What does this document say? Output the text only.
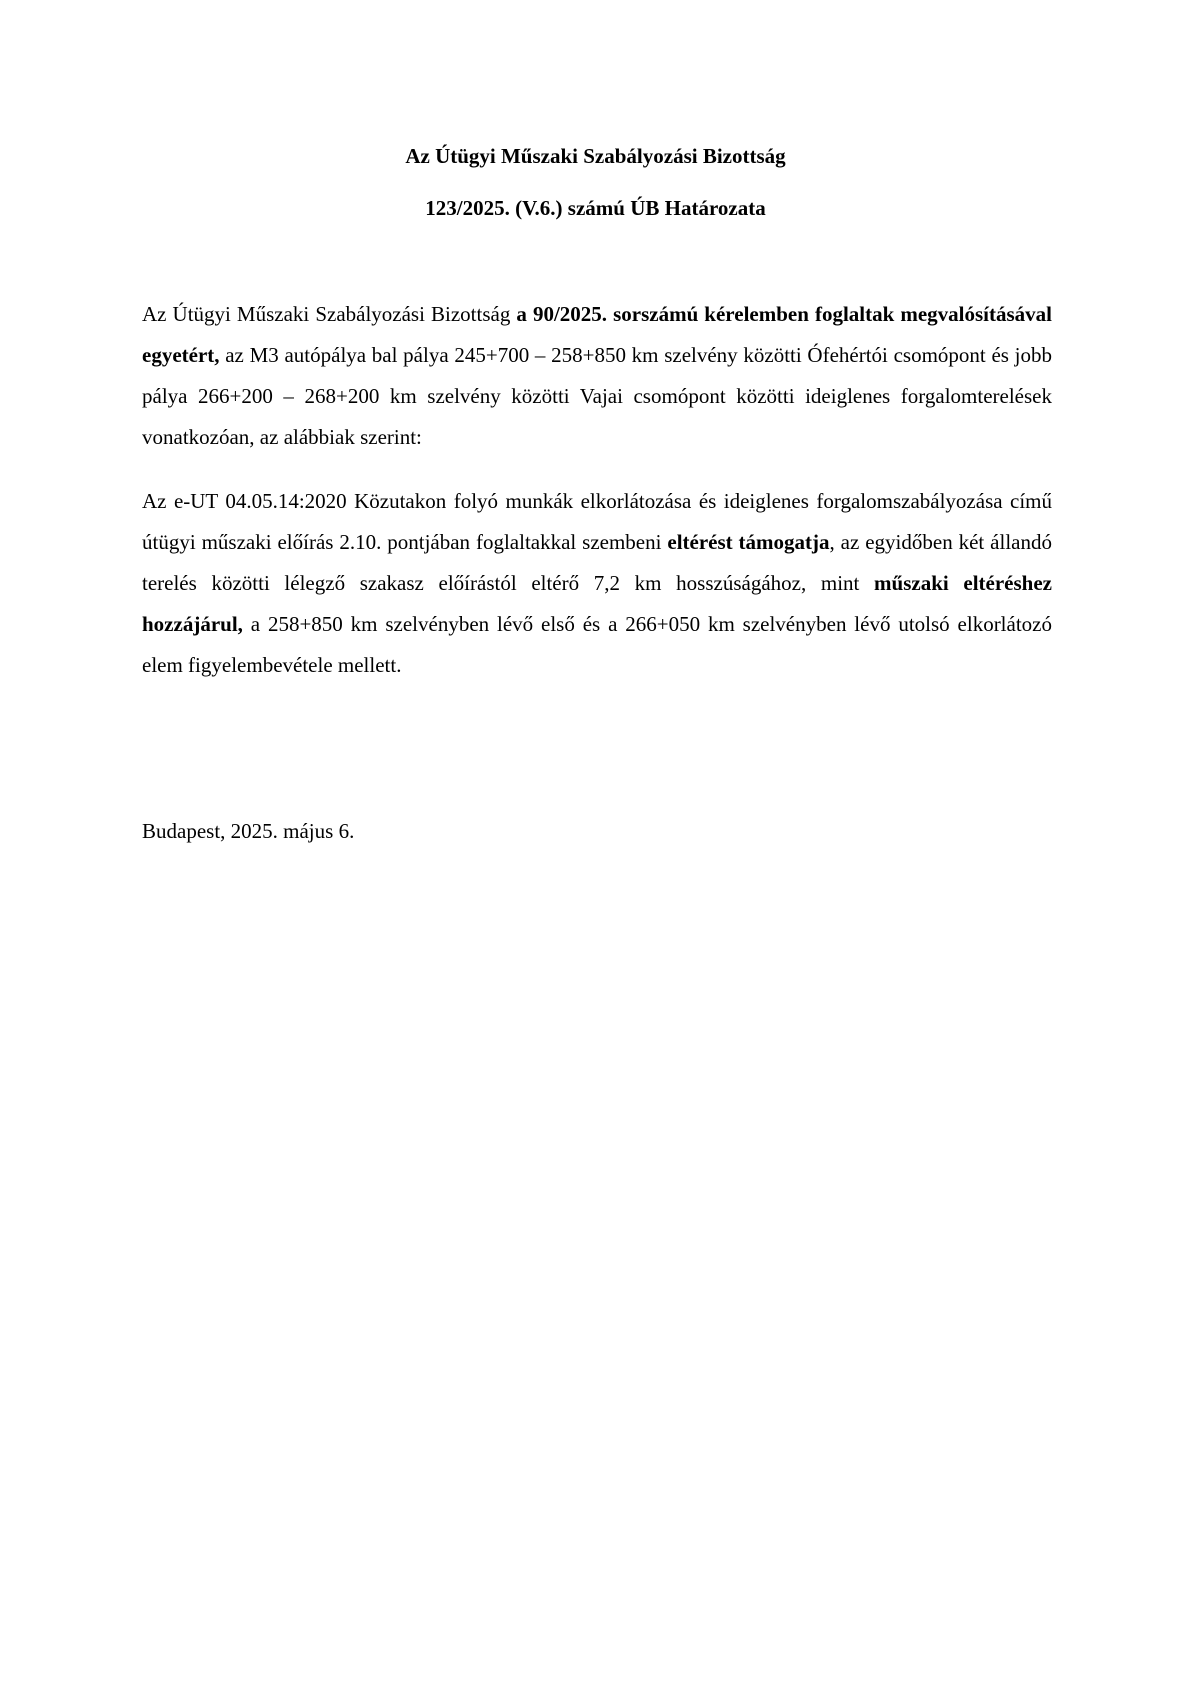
Az Útügyi Műszaki Szabályozási Bizottság

123/2025. (V.6.) számú ÚB Határozata

Az Útügyi Műszaki Szabályozási Bizottság a 90/2025. sorszámú kérelemben foglaltak megvalósításával egyetért, az M3 autópálya bal pálya 245+700 – 258+850 km szelvény közötti Ófehértói csomópont és jobb pálya 266+200 – 268+200 km szelvény közötti Vajai csomópont közötti ideiglenes forgalomterelések vonatkozóan, az alábbiak szerint:

Az e-UT 04.05.14:2020 Közutakon folyó munkák elkorlátozása és ideiglenes forgalomszabályozása című útügyi műszaki előírás 2.10. pontjában foglaltakkal szembeni eltérést támogatja, az egyidőben két állandó terelés közötti lélegző szakasz előírástól eltérő 7,2 km hosszúságához, mint műszaki eltéréshez hozzájárul, a 258+850 km szelvényben lévő első és a 266+050 km szelvényben lévő utolsó elkorlátozó elem figyelembevétele mellett.

Budapest, 2025. május 6.
